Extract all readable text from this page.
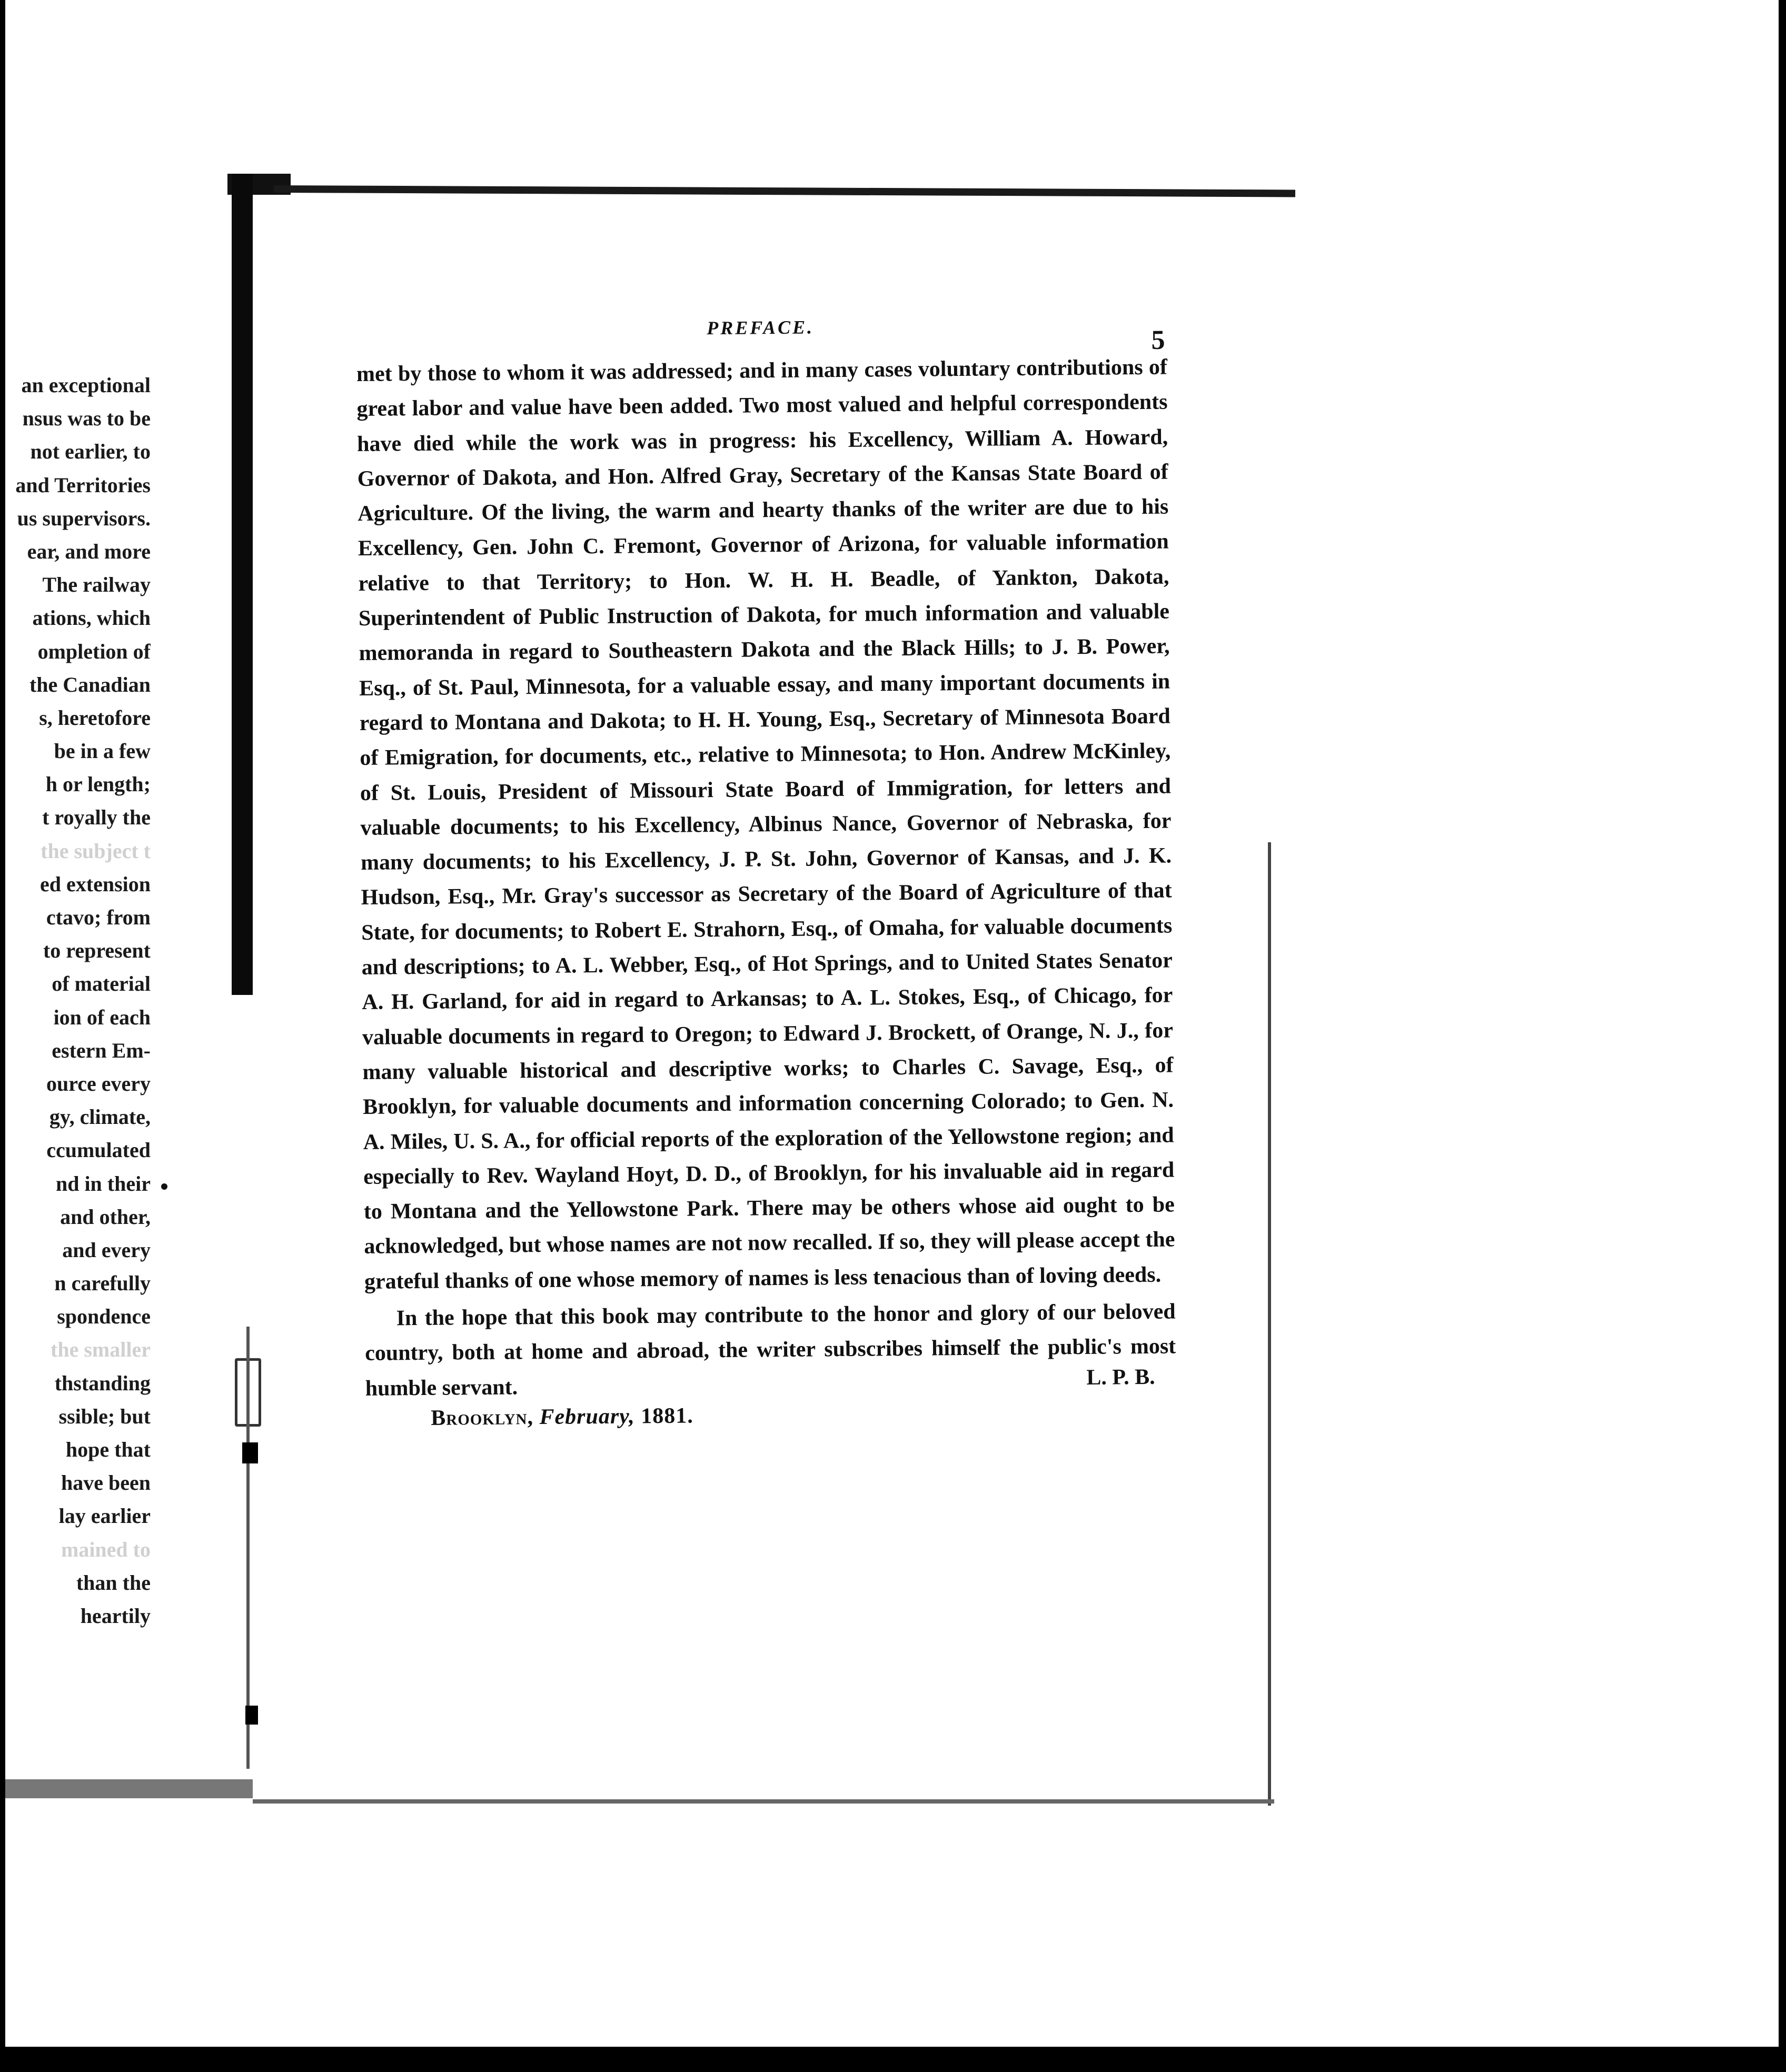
an exceptional
nsus was to be
not earlier, to
and Territories
us supervisors.
ear, and more
The railway
ations, which
ompletion of
the Canadian
s, heretofore
be in a few
h or length;
t royally the
the subject t
ed extension
ctavo; from
to represent
of material
ion of each
estern Em-
ource every
gy, climate,
ccumulated
nd in their
and other,
and every
n carefully
spondence
the smaller
thstanding
ssible; but
hope that
have been
lay earlier
mained to
than the
heartily
PREFACE.	5

met by those to whom it was addressed; and in many cases voluntary contributions of great labor and value have been added. Two most valued and helpful correspondents have died while the work was in progress: his Excellency, William A. Howard, Governor of Dakota, and Hon. Alfred Gray, Secretary of the Kansas State Board of Agriculture. Of the living, the warm and hearty thanks of the writer are due to his Excellency, Gen. John C. Fremont, Governor of Arizona, for valuable information relative to that Territory; to Hon. W. H. H. Beadle, of Yankton, Dakota, Superintendent of Public Instruction of Dakota, for much information and valuable memoranda in regard to Southeastern Dakota and the Black Hills; to J. B. Power, Esq., of St. Paul, Minnesota, for a valuable essay, and many important documents in regard to Montana and Dakota; to H. H. Young, Esq., Secretary of Minnesota Board of Emigration, for documents, etc., relative to Minnesota; to Hon. Andrew McKinley, of St. Louis, President of Missouri State Board of Immigration, for letters and valuable documents; to his Excellency, Albinus Nance, Governor of Nebraska, for many documents; to his Excellency, J. P. St. John, Governor of Kansas, and J. K. Hudson, Esq., Mr. Gray's successor as Secretary of the Board of Agriculture of that State, for documents; to Robert E. Strahorn, Esq., of Omaha, for valuable documents and descriptions; to A. L. Webber, Esq., of Hot Springs, and to United States Senator A. H. Garland, for aid in regard to Arkansas; to A. L. Stokes, Esq., of Chicago, for valuable documents in regard to Oregon; to Edward J. Brockett, of Orange, N. J., for many valuable historical and descriptive works; to Charles C. Savage, Esq., of Brooklyn, for valuable documents and information concerning Colorado; to Gen. N. A. Miles, U. S. A., for official reports of the exploration of the Yellowstone region; and especially to Rev. Wayland Hoyt, D. D., of Brooklyn, for his invaluable aid in regard to Montana and the Yellowstone Park. There may be others whose aid ought to be acknowledged, but whose names are not now recalled. If so, they will please accept the grateful thanks of one whose memory of names is less tenacious than of loving deeds.

In the hope that this book may contribute to the honor and glory of our beloved country, both at home and abroad, the writer subscribes himself the public's most humble servant.	L. P. B.
Brooklyn, February, 1881.
